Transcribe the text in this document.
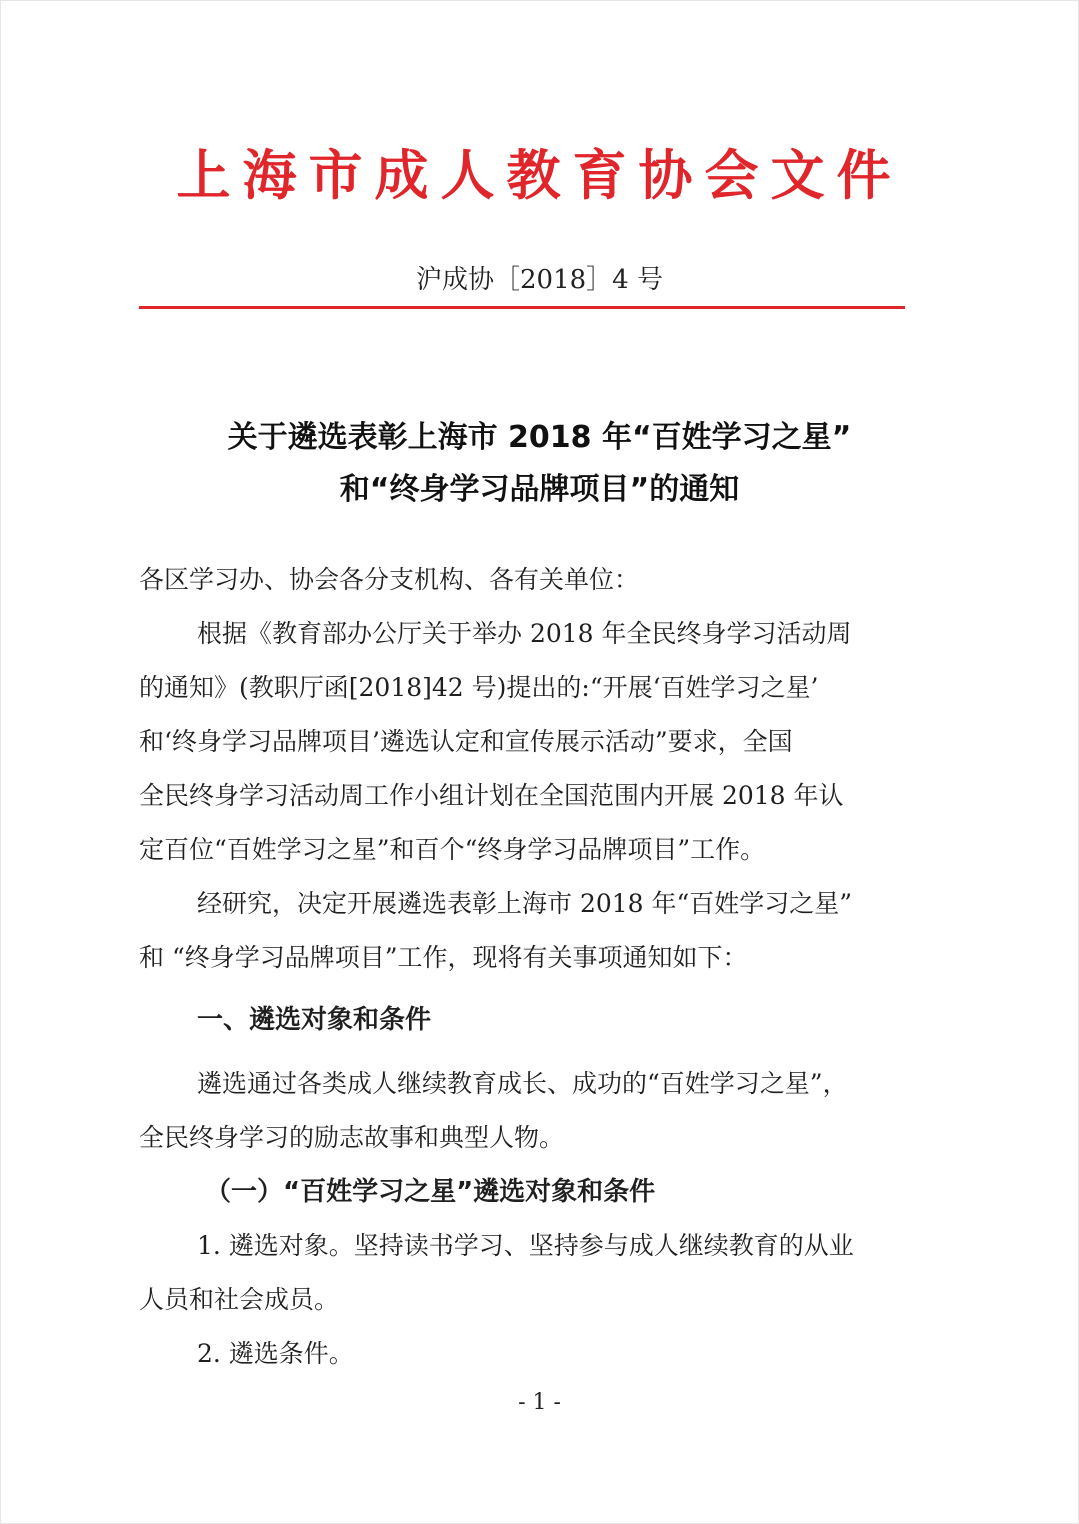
上海市成人教育协会文件
沪成协［2018］4 号
关于遴选表彰上海市 2018 年“百姓学习之星”
和“终身学习品牌项目”的通知
各区学习办、协会各分支机构、各有关单位：
根据《教育部办公厅关于举办 2018 年全民终身学习活动周
的通知》(教职厅函[2018]42 号)提出的:“开展‘百姓学习之星’
和‘终身学习品牌项目’遴选认定和宣传展示活动”要求，全国
全民终身学习活动周工作小组计划在全国范围内开展 2018 年认
定百位“百姓学习之星”和百个“终身学习品牌项目”工作。
经研究，决定开展遴选表彰上海市 2018 年“百姓学习之星”
和 “终身学习品牌项目”工作，现将有关事项通知如下：
一、遴选对象和条件
遴选通过各类成人继续教育成长、成功的“百姓学习之星”，
全民终身学习的励志故事和典型人物。
（一）“百姓学习之星”遴选对象和条件
1. 遴选对象。坚持读书学习、坚持参与成人继续教育的从业
人员和社会成员。
2. 遴选条件。
- 1 -
